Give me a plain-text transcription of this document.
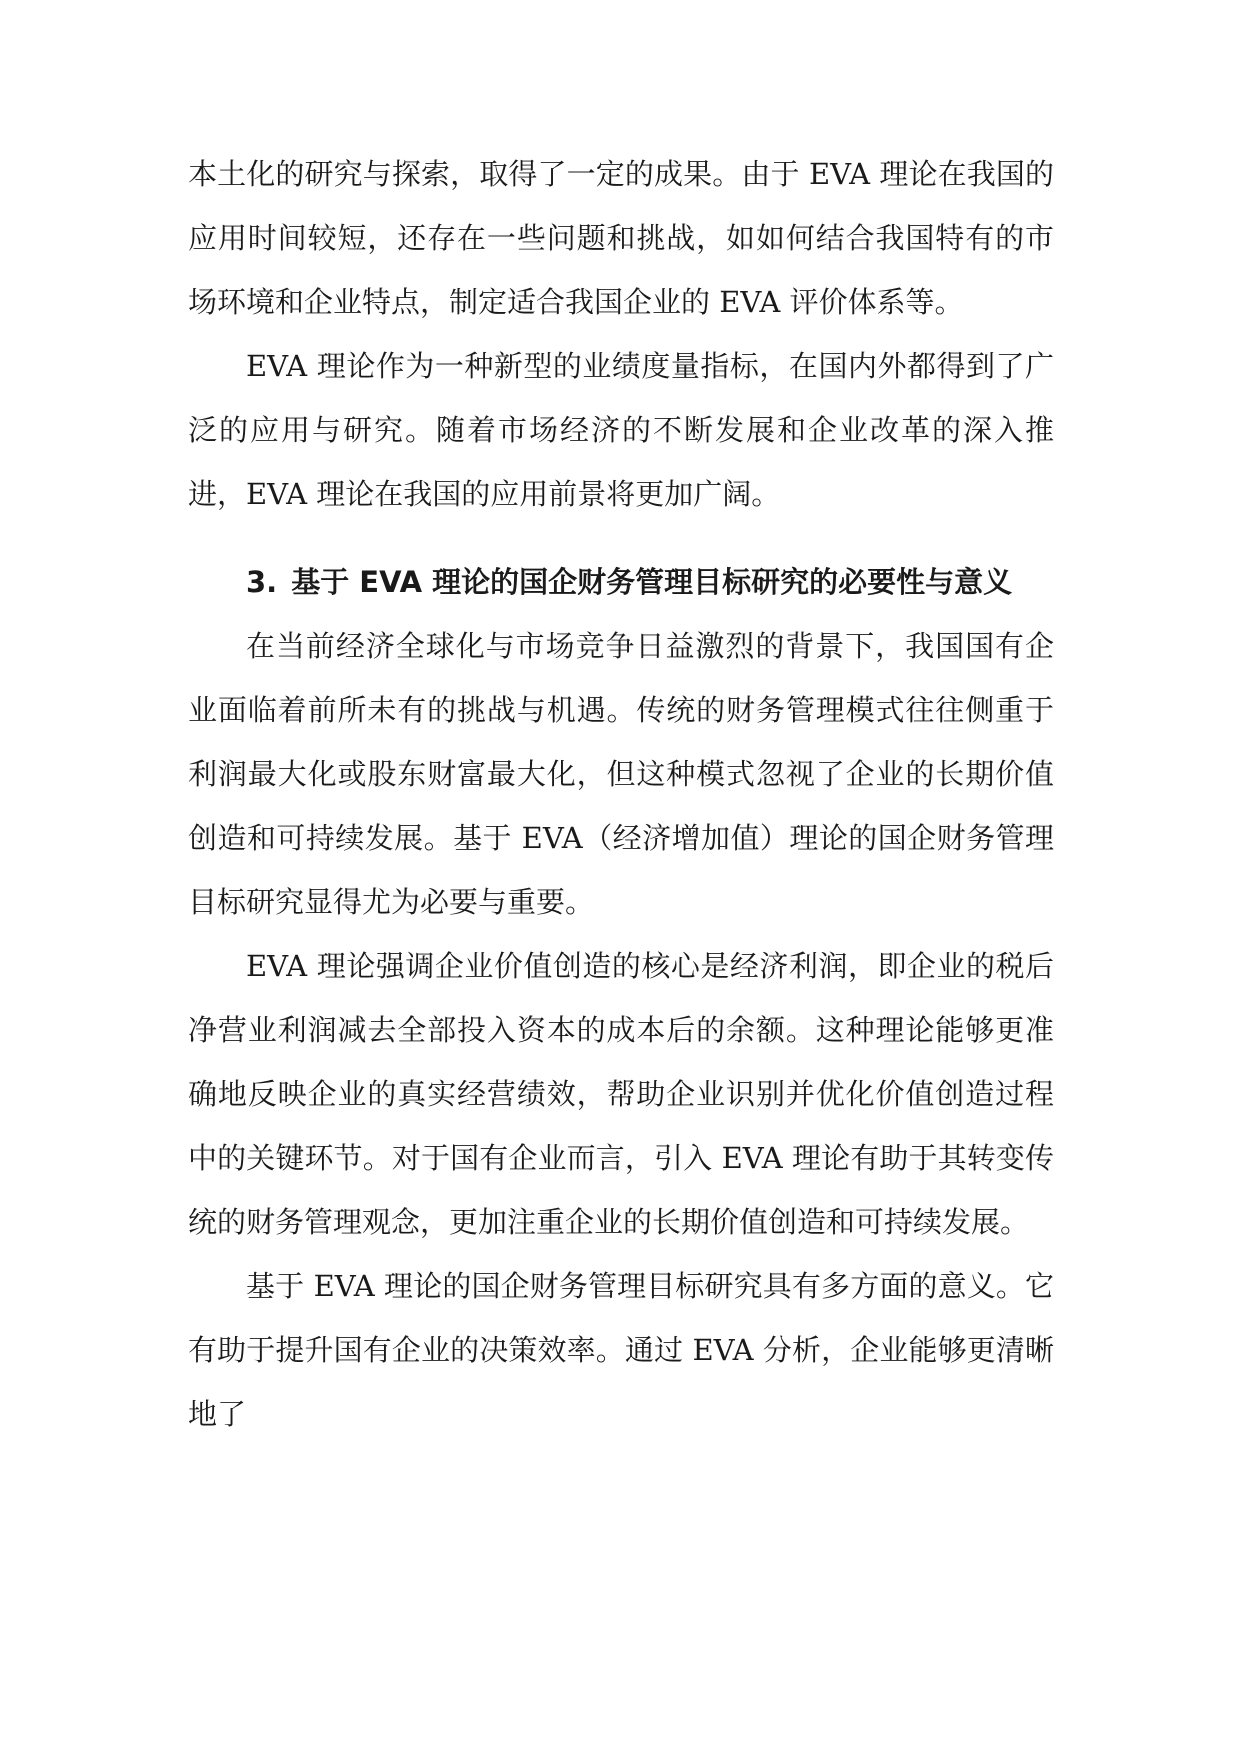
本土化的研究与探索，取得了一定的成果。由于 EVA 理论在我国的应用时间较短，还存在一些问题和挑战，如如何结合我国特有的市场环境和企业特点，制定适合我国企业的 EVA 评价体系等。

EVA 理论作为一种新型的业绩度量指标，在国内外都得到了广泛的应用与研究。随着市场经济的不断发展和企业改革的深入推进，EVA 理论在我国的应用前景将更加广阔。

3. 基于 EVA 理论的国企财务管理目标研究的必要性与意义

在当前经济全球化与市场竞争日益激烈的背景下，我国国有企业面临着前所未有的挑战与机遇。传统的财务管理模式往往侧重于利润最大化或股东财富最大化，但这种模式忽视了企业的长期价值创造和可持续发展。基于 EVA（经济增加值）理论的国企财务管理目标研究显得尤为必要与重要。

EVA 理论强调企业价值创造的核心是经济利润，即企业的税后净营业利润减去全部投入资本的成本后的余额。这种理论能够更准确地反映企业的真实经营绩效，帮助企业识别并优化价值创造过程中的关键环节。对于国有企业而言，引入 EVA 理论有助于其转变传统的财务管理观念，更加注重企业的长期价值创造和可持续发展。

基于 EVA 理论的国企财务管理目标研究具有多方面的意义。它有助于提升国有企业的决策效率。通过 EVA 分析，企业能够更清晰地了
